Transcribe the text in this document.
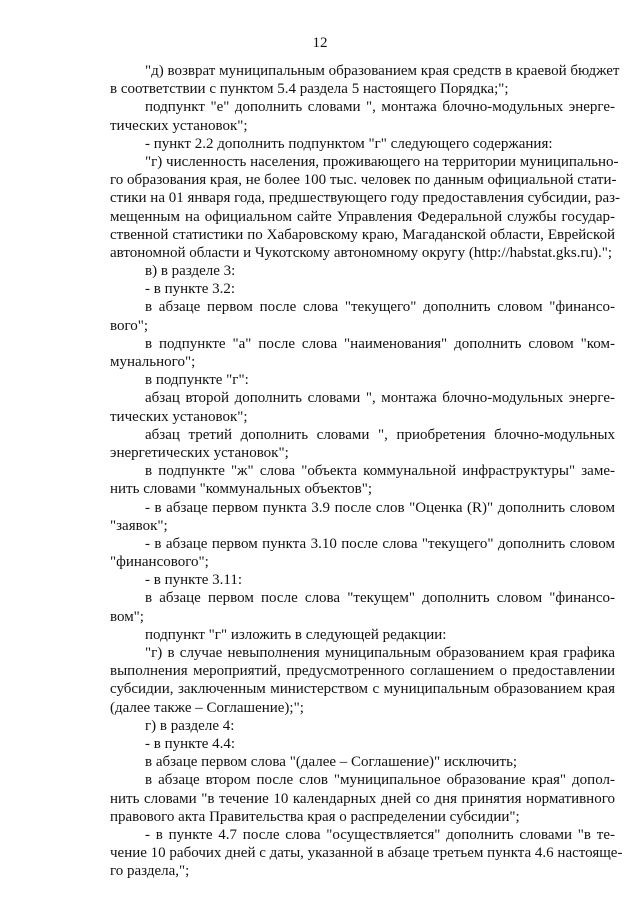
12
"д) возврат муниципальным образованием края средств в краевой бюджет
в соответствии с пунктом 5.4 раздела 5 настоящего Порядка;";
подпункт "е" дополнить словами ", монтажа блочно-модульных энерге-
тических установок";
- пункт 2.2 дополнить подпунктом "г" следующего содержания:
"г) численность населения, проживающего на территории муниципально-
го образования края, не более 100 тыс. человек по данным официальной стати-
стики на 01 января года, предшествующего году предоставления субсидии, раз-
мещенным на официальном сайте Управления Федеральной службы государ-
ственной статистики по Хабаровскому краю, Магаданской области, Еврейской
автономной области и Чукотскому автономному округу (http://habstat.gks.ru).";
в) в разделе 3:
- в пункте 3.2:
в абзаце первом после слова "текущего" дополнить словом "финансо-
вого";
в подпункте "а" после слова "наименования" дополнить словом "ком-
мунального";
в подпункте "г":
абзац второй дополнить словами ", монтажа блочно-модульных энерге-
тических установок";
абзац третий дополнить словами ", приобретения блочно-модульных
энергетических установок";
в подпункте "ж" слова "объекта коммунальной инфраструктуры" заме-
нить словами "коммунальных объектов";
- в абзаце первом пункта 3.9 после слов "Оценка (R)" дополнить словом
"заявок";
- в абзаце первом пункта 3.10 после слова "текущего" дополнить словом
"финансового";
- в пункте 3.11:
в абзаце первом после слова "текущем" дополнить словом "финансо-
вом";
подпункт "г" изложить в следующей редакции:
"г) в случае невыполнения муниципальным образованием края графика
выполнения мероприятий, предусмотренного соглашением о предоставлении
субсидии, заключенным министерством с муниципальным образованием края
(далее также – Соглашение);";
г) в разделе 4:
- в пункте 4.4:
в абзаце первом слова "(далее – Соглашение)" исключить;
в абзаце втором после слов "муниципальное образование края" допол-
нить словами "в течение 10 календарных дней со дня принятия нормативного
правового акта Правительства края о распределении субсидии";
- в пункте 4.7 после слова "осуществляется" дополнить словами "в те-
чение 10 рабочих дней с даты, указанной в абзаце третьем пункта 4.6 настояще-
го раздела,";
